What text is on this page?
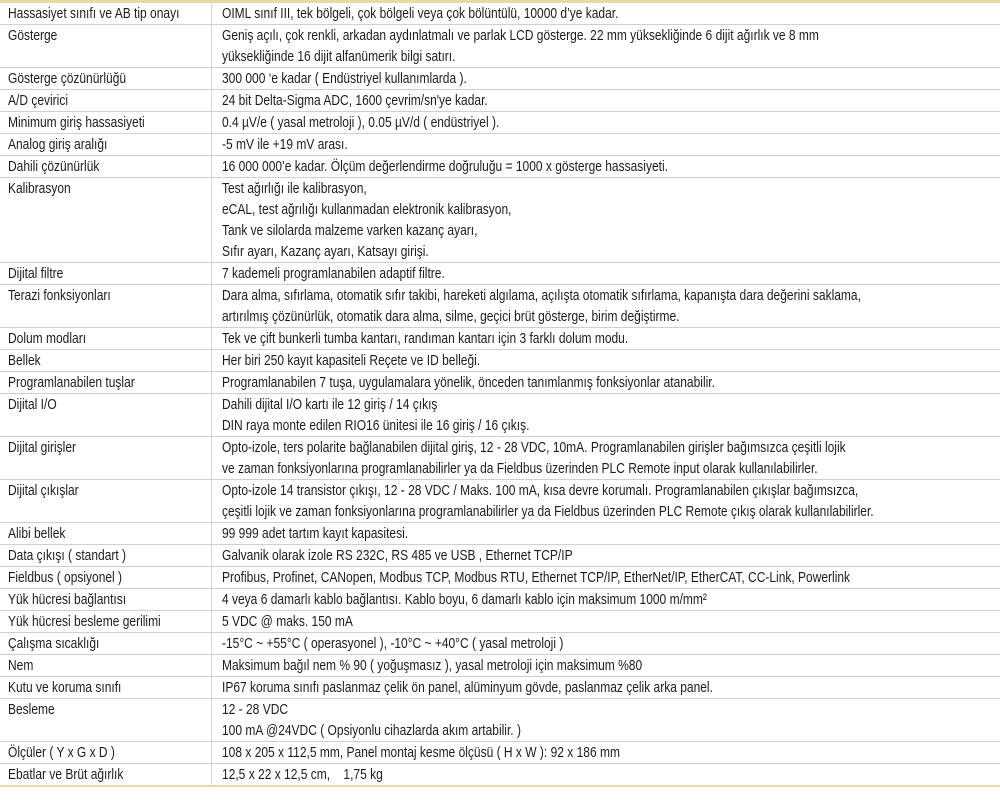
Hassasiyet sınıfı ve AB tip onayı	OIML sınıf III, tek bölgeli, çok bölgeli veya çok bölüntülü, 10000 d’ye kadar.
Gösterge	Geniş açılı, çok renkli, arkadan aydınlatmalı ve parlak LCD gösterge. 22 mm yüksekliğinde 6 dijit ağırlık ve 8 mm
yüksekliğinde 16 dijit alfanümerik bilgi satırı.
Gösterge çözünürlüğü	300 000 ‘e kadar ( Endüstriyel kullanımlarda ).
A/D çevirici	24 bit Delta-Sigma ADC, 1600 çevrim/sn'ye kadar.
Minimum giriş hassasiyeti	0.4 µV/e ( yasal metroloji ), 0.05 µV/d ( endüstriyel ).
Analog giriş aralığı	-5 mV ile +19 mV arası.
Dahili çözünürlük	16 000 000’e kadar. Ölçüm değerlendirme doğruluğu = 1000 x gösterge hassasiyeti.
Kalibrasyon	Test ağırlığı ile kalibrasyon,
eCAL, test ağrılığı kullanmadan elektronik kalibrasyon,
Tank ve silolarda malzeme varken kazanç ayarı,
Sıfır ayarı, Kazanç ayarı, Katsayı girişi.
Dijital filtre	7 kademeli programlanabilen adaptif filtre.
Terazi fonksiyonları	Dara alma, sıfırlama, otomatik sıfır takibi, hareketi algılama, açılışta otomatik sıfırlama, kapanışta dara değerini saklama,
artırılmış çözünürlük, otomatik dara alma, silme, geçici brüt gösterge, birim değiştirme.
Dolum modları	Tek ve çift bunkerli tumba kantarı, randıman kantarı için 3 farklı dolum modu.
Bellek	Her biri 250 kayıt kapasiteli Reçete ve ID belleği.
Programlanabilen tuşlar	Programlanabilen 7 tuşa, uygulamalara yönelik, önceden tanımlanmış fonksiyonlar atanabilir.
Dijital I/O	Dahili dijital I/O kartı ile 12 giriş / 14 çıkış
DIN raya monte edilen RIO16 ünitesi ile 16 giriş / 16 çıkış.
Dijital girişler	Opto-izole, ters polarite bağlanabilen dijital giriş, 12 - 28 VDC, 10mA. Programlanabilen girişler bağımsızca çeşitli lojik
ve zaman fonksiyonlarına programlanabilirler ya da Fieldbus üzerinden PLC Remote input olarak kullanılabilirler.
Dijital çıkışlar	Opto-izole 14 transistor çıkışı, 12 - 28 VDC / Maks. 100 mA, kısa devre korumalı. Programlanabilen çıkışlar bağımsızca,
çeşitli lojik ve zaman fonksiyonlarına programlanabilirler ya da Fieldbus üzerinden PLC Remote çıkış olarak kullanılabilirler.
Alibi bellek	99 999 adet tartım kayıt kapasitesi.
Data çıkışı ( standart )	Galvanik olarak izole RS 232C, RS 485 ve USB , Ethernet TCP/IP
Fieldbus ( opsiyonel )	Profibus, Profinet, CANopen, Modbus TCP, Modbus RTU, Ethernet TCP/IP, EtherNet/IP, EtherCAT, CC-Link, Powerlink
Yük hücresi bağlantısı	4 veya 6 damarlı kablo bağlantısı. Kablo boyu, 6 damarlı kablo için maksimum 1000 m/mm²
Yük hücresi besleme gerilimi	5 VDC @ maks. 150 mA
Çalışma sıcaklığı	-15°C ~ +55°C ( operasyonel ), -10°C ~ +40°C ( yasal metroloji )
Nem	Maksimum bağıl nem % 90 ( yoğuşmasız ), yasal metroloji için maksimum %80
Kutu ve koruma sınıfı	IP67 koruma sınıfı paslanmaz çelik ön panel, alüminyum gövde, paslanmaz çelik arka panel.
Besleme	12 - 28 VDC
100 mA @24VDC ( Opsiyonlu cihazlarda akım artabilir. )
Ölçüler ( Y x G x D )	108 x 205 x 112,5 mm, Panel montaj kesme ölçüsü ( H x W ): 92 x 186 mm
Ebatlar ve Brüt ağırlık	12,5 x 22 x 12,5 cm,    1,75 kg
